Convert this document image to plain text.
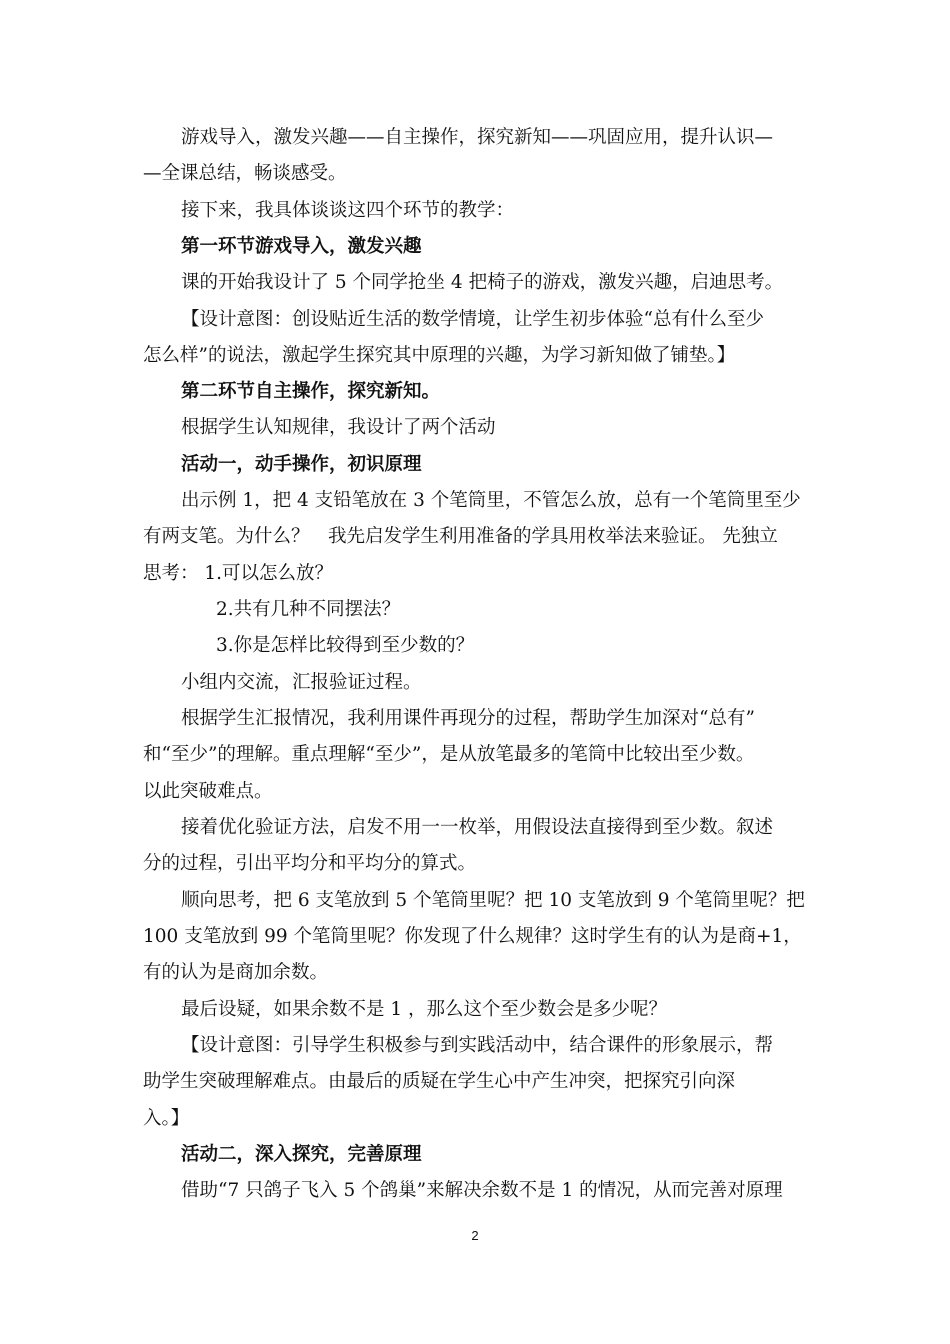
游戏导入，激发兴趣——自主操作，探究新知——巩固应用，提升认识—
—全课总结，畅谈感受。
接下来，我具体谈谈这四个环节的教学：
第一环节游戏导入，激发兴趣
课的开始我设计了 5 个同学抢坐 4 把椅子的游戏，激发兴趣，启迪思考。
【设计意图：创设贴近生活的数学情境，让学生初步体验“总有什么至少
怎么样”的说法，激起学生探究其中原理的兴趣，为学习新知做了铺垫。】
第二环节自主操作，探究新知。
根据学生认知规律，我设计了两个活动
活动一，动手操作，初识原理
出示例 1，把 4 支铅笔放在 3 个笔筒里，不管怎么放，总有一个笔筒里至少
有两支笔。为什么？　我先启发学生利用准备的学具用枚举法来验证。 先独立
思考： 1.可以怎么放？
2.共有几种不同摆法？
3.你是怎样比较得到至少数的？
小组内交流，汇报验证过程。
根据学生汇报情况，我利用课件再现分的过程，帮助学生加深对“总有”
和“至少”的理解。重点理解“至少”，是从放笔最多的笔筒中比较出至少数。
以此突破难点。
接着优化验证方法，启发不用一一枚举，用假设法直接得到至少数。叙述
分的过程，引出平均分和平均分的算式。
顺向思考，把 6 支笔放到 5 个笔筒里呢？把 10 支笔放到 9 个笔筒里呢？把
100 支笔放到 99 个笔筒里呢？你发现了什么规律？这时学生有的认为是商+1，
有的认为是商加余数。
最后设疑，如果余数不是 1 ，那么这个至少数会是多少呢？
【设计意图：引导学生积极参与到实践活动中，结合课件的形象展示，帮
助学生突破理解难点。由最后的质疑在学生心中产生冲突，把探究引向深
入。】
活动二，深入探究，完善原理
借助“7 只鸽子飞入 5 个鸽巢”来解决余数不是 1 的情况，从而完善对原理
2
